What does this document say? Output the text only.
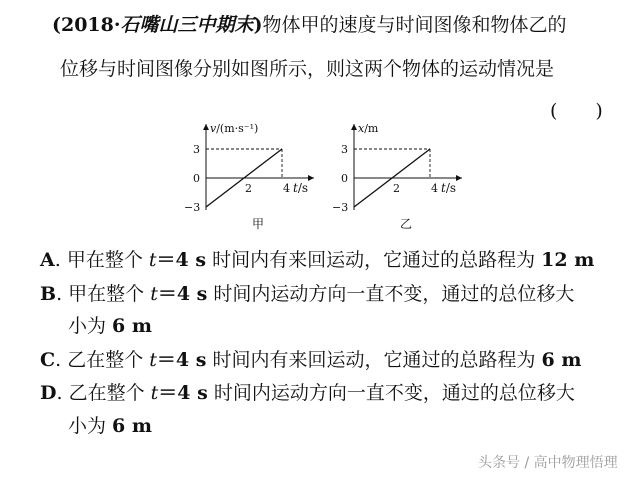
(2018·石嘴山三中期末)物体甲的速度与时间图像和物体乙的
位移与时间图像分别如图所示，则这两个物体的运动情况是
(　　)
v/(m·s⁻¹)
3
0
−3
2	4 t/s
甲
x/m
3
0
−3
2	4 t/s
乙
A. 甲在整个 t＝4 s 时间内有来回运动，它通过的总路程为 12 m
B. 甲在整个 t＝4 s 时间内运动方向一直不变，通过的总位移大
小为 6 m
C. 乙在整个 t＝4 s 时间内有来回运动，它通过的总路程为 6 m
D. 乙在整个 t＝4 s 时间内运动方向一直不变，通过的总位移大
小为 6 m
头条号 / 高中物理悟理
